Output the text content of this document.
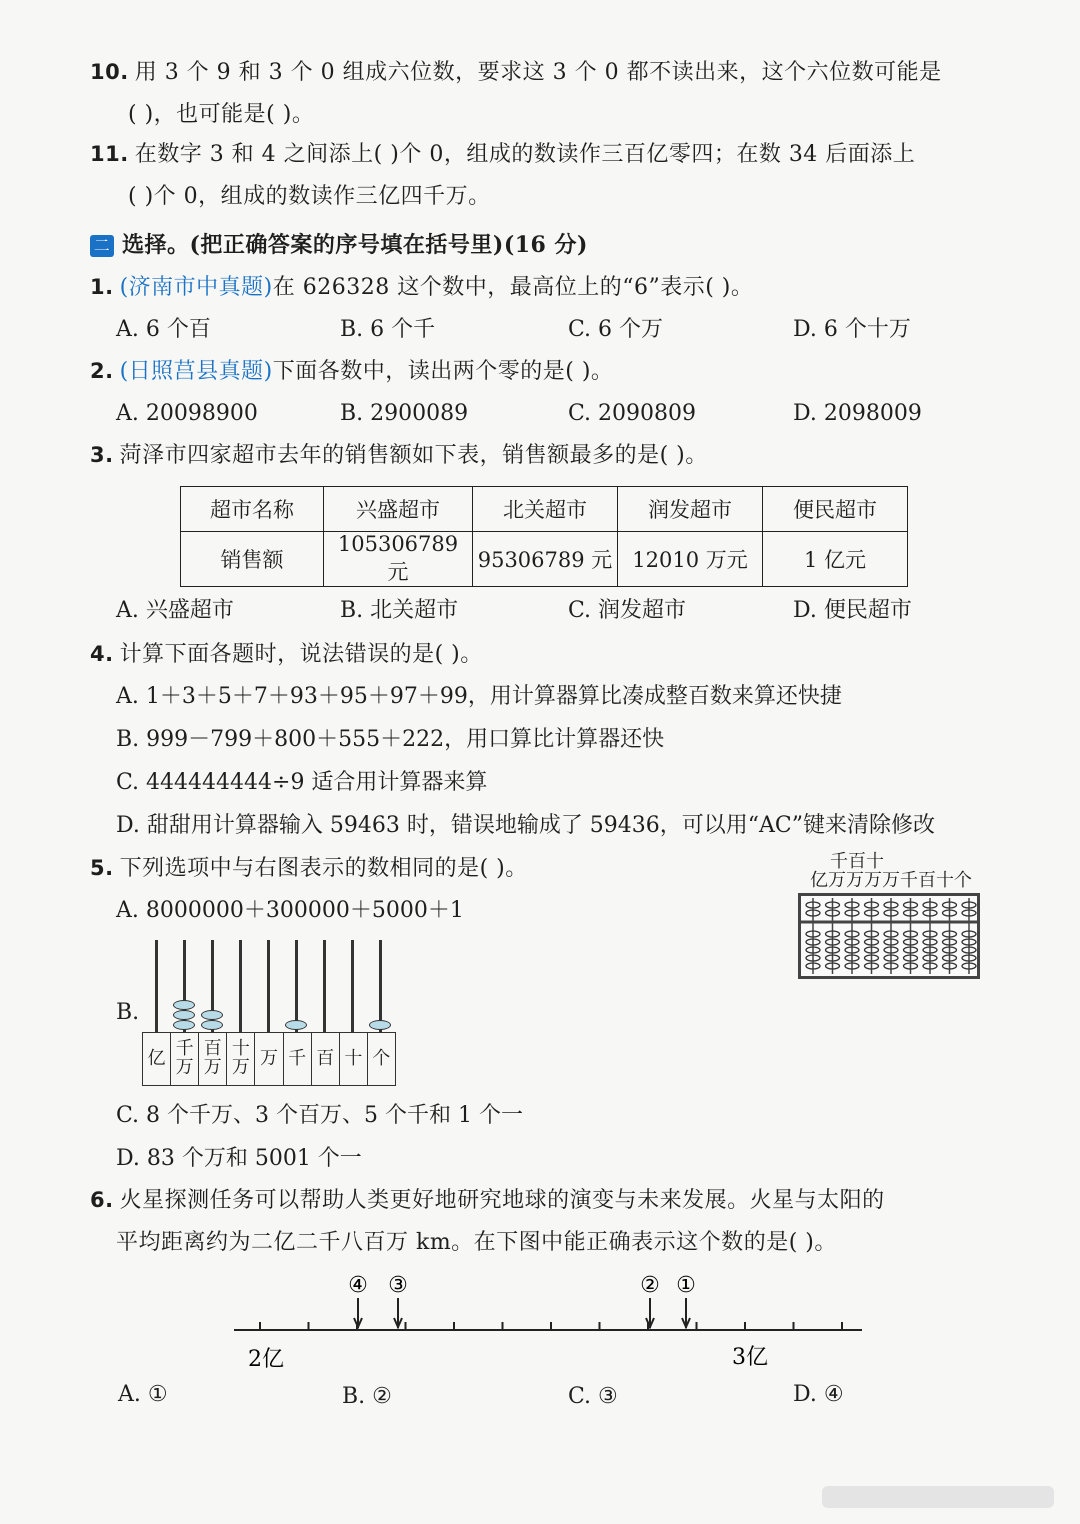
10. 用 3 个 9 和 3 个 0 组成六位数，要求这 3 个 0 都不读出来，这个六位数可能是
( )，也可能是( )。
11. 在数字 3 和 4 之间添上( )个 0，组成的数读作三百亿零四；在数 34 后面添上
( )个 0，组成的数读作三亿四千万。
二 选择。(把正确答案的序号填在括号里)(16 分)
1. (济南市中真题)在 626328 这个数中，最高位上的“6”表示( )。
A. 6 个百	B. 6 个千	C. 6 个万	D. 6 个十万
2. (日照莒县真题)下面各数中，读出两个零的是( )。
A. 20098900	B. 2900089	C. 2090809	D. 2098009
3. 菏泽市四家超市去年的销售额如下表，销售额最多的是( )。
超市名称	兴盛超市	北关超市	润发超市	便民超市
销售额	105306789 元	95306789 元	12010 万元	1 亿元
A. 兴盛超市	B. 北关超市	C. 润发超市	D. 便民超市
4. 计算下面各题时，说法错误的是( )。
A. 1＋3＋5＋7＋93＋95＋97＋99，用计算器算比凑成整百数来算还快捷
B. 999－799＋800＋555＋222，用口算比计算器还快
C. 444444444÷9 适合用计算器来算
D. 甜甜用计算器输入 59463 时，错误地输成了 59436，可以用“AC”键来清除修改
5. 下列选项中与右图表示的数相同的是( )。
A. 8000000＋300000＋5000＋1
B.
亿 千
万
百
万
十
万 万 千 百 十 个
C. 8 个千万、3 个百万、5 个千和 1 个一
D. 83 个万和 5001 个一
千百十
亿万万万万千百十个
6. 火星探测任务可以帮助人类更好地研究地球的演变与未来发展。火星与太阳的
平均距离约为二亿二千八百万 km。在下图中能正确表示这个数的是( )。
④ ③	② ①
2亿	3亿
A. ①	B. ②	C. ③	D. ④
